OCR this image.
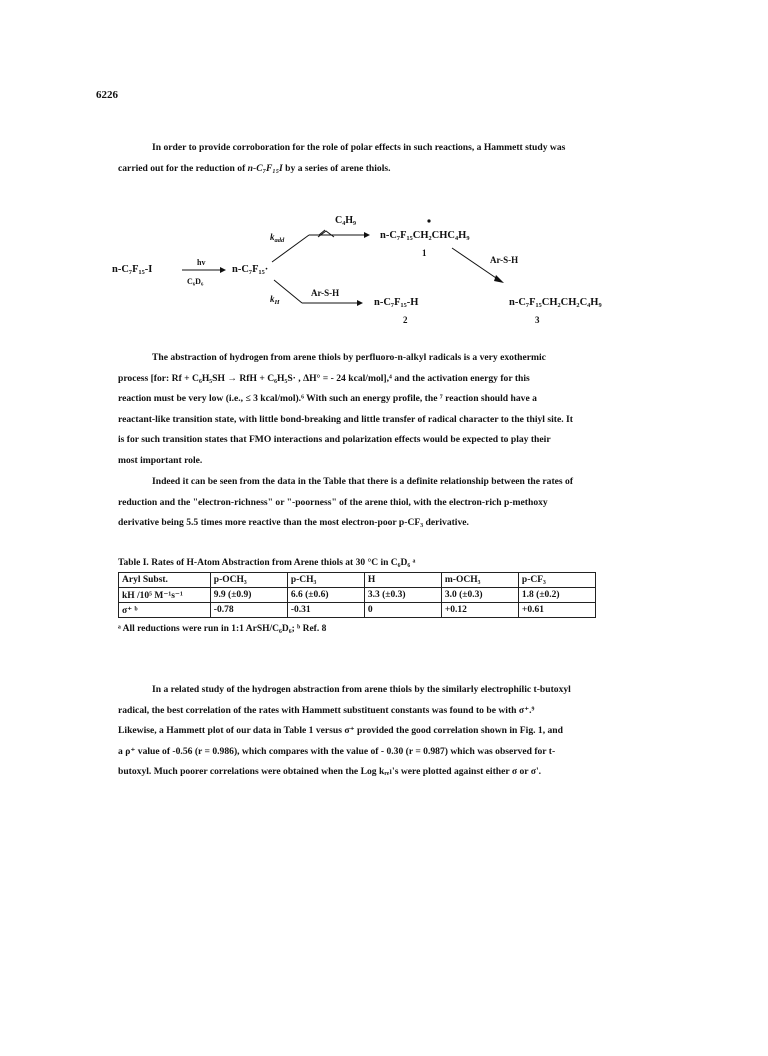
6226

In order to provide corroboration for the role of polar effects in such reactions, a Hammett study was
carried out for the reduction of n-C₇F₁₅I by a series of arene thiols.

n-C₇F₁₅-I
hv
C₆D₆
n-C₇F₁₅·
C₄H₉
$k_{add}$	n-C₇F₁₅CH₂CHC₄H₉
1
Ar-S-H
$k_H$
Ar-S-H
n-C₇F₁₅-H
2
n-C₇F₁₅CH₂CH₂C₄H₉
3

The abstraction of hydrogen from arene thiols by perfluoro-n-alkyl radicals is a very exothermic
process [for: Rf + C₆H₅SH → RfH + C₆H₅S· , ΔH° = - 24 kcal/mol],⁴ and the activation energy for this
reaction must be very low (i.e., ≤ 3 kcal/mol).⁶ With such an energy profile, the ⁷ reaction should have a
reactant-like transition state, with little bond-breaking and little transfer of radical character to the thiyl site. It
is for such transition states that FMO interactions and polarization effects would be expected to play their
most important role.

Indeed it can be seen from the data in the Table that there is a definite relationship between the rates of
reduction and the "electron-richness" or "-poorness" of the arene thiol, with the electron-rich p-methoxy
derivative being 5.5 times more reactive than the most electron-poor p-CF₃ derivative.

Table I. Rates of H-Atom Abstraction from Arene thiols at 30 °C in C₆D₆ ᵃ
Aryl Subst.	p-OCH₃	p-CH₃	H	m-OCH₃	p-CF₃
kH /10⁵ M⁻¹s⁻¹	9.9 (±0.9)	6.6 (±0.6)	3.3 (±0.3)	3.0 (±0.3)	1.8 (±0.2)
σ⁺ ᵇ	-0.78	-0.31	0	+0.12	+0.61
ᵃ All reductions were run in 1:1 ArSH/C₆D₆; ᵇ Ref. 8

In a related study of the hydrogen abstraction from arene thiols by the similarly electrophilic t-butoxyl
radical, the best correlation of the rates with Hammett substituent constants was found to be with σ⁺.⁹
Likewise, a Hammett plot of our data in Table 1 versus σ⁺ provided the good correlation shown in Fig. 1, and
a ρ⁺ value of -0.56 (r = 0.986), which compares with the value of - 0.30 (r = 0.987) which was observed for t-
butoxyl. Much poorer correlations were obtained when the Log kᵣₑₗ's were plotted against either σ or σ'.
